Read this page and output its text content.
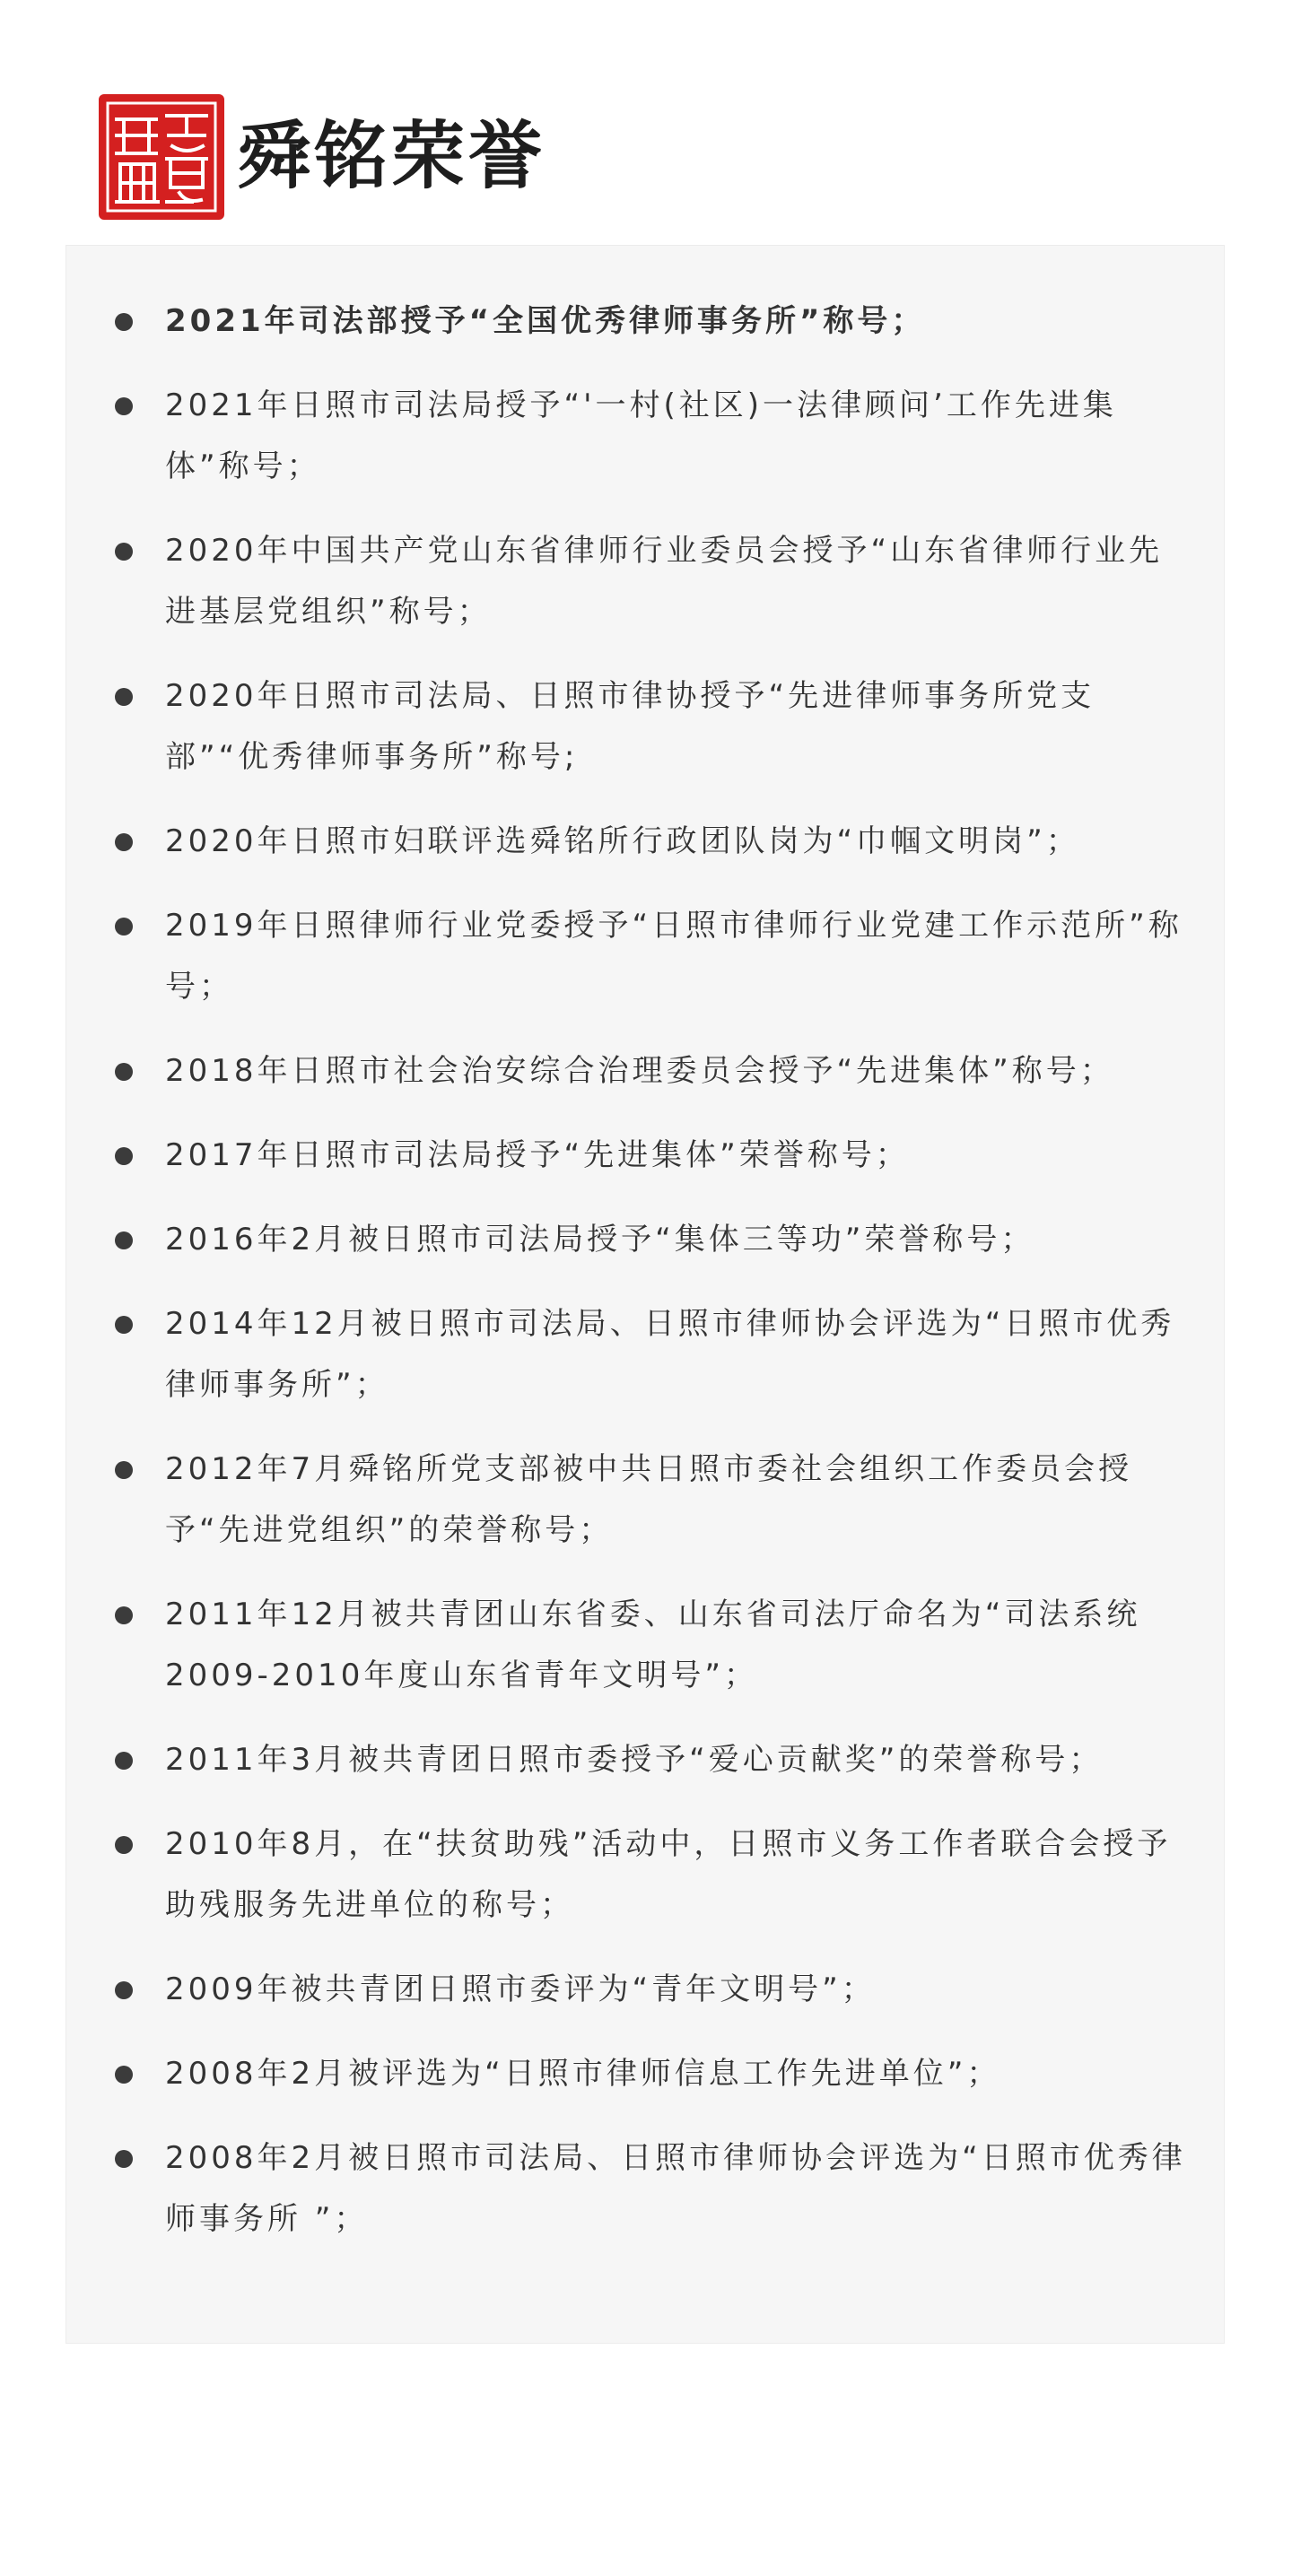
舜铭荣誉
2021年司法部授予“全国优秀律师事务所”称号；
2021年日照市司法局授予“'一村(社区)一法律顾问’工作先进集体”称号；
2020年中国共产党山东省律师行业委员会授予“山东省律师行业先进基层党组织”称号；
2020年日照市司法局、日照市律协授予“先进律师事务所党支部”“优秀律师事务所”称号;
2020年日照市妇联评选舜铭所行政团队岗为“巾帼文明岗”；
2019年日照律师行业党委授予“日照市律师行业党建工作示范所”称号；
2018年日照市社会治安综合治理委员会授予“先进集体”称号；
2017年日照市司法局授予“先进集体”荣誉称号；
2016年2月被日照市司法局授予“集体三等功”荣誉称号；
2014年12月被日照市司法局、日照市律师协会评选为“日照市优秀律师事务所”；
2012年7月舜铭所党支部被中共日照市委社会组织工作委员会授予“先进党组织”的荣誉称号；
2011年12月被共青团山东省委、山东省司法厅命名为“司法系统2009-2010年度山东省青年文明号”；
2011年3月被共青团日照市委授予“爱心贡献奖”的荣誉称号；
2010年8月，在“扶贫助残”活动中，日照市义务工作者联合会授予助残服务先进单位的称号；
2009年被共青团日照市委评为“青年文明号”；
2008年2月被评选为“日照市律师信息工作先进单位”；
2008年2月被日照市司法局、日照市律师协会评选为“日照市优秀律师事务所 ”；
